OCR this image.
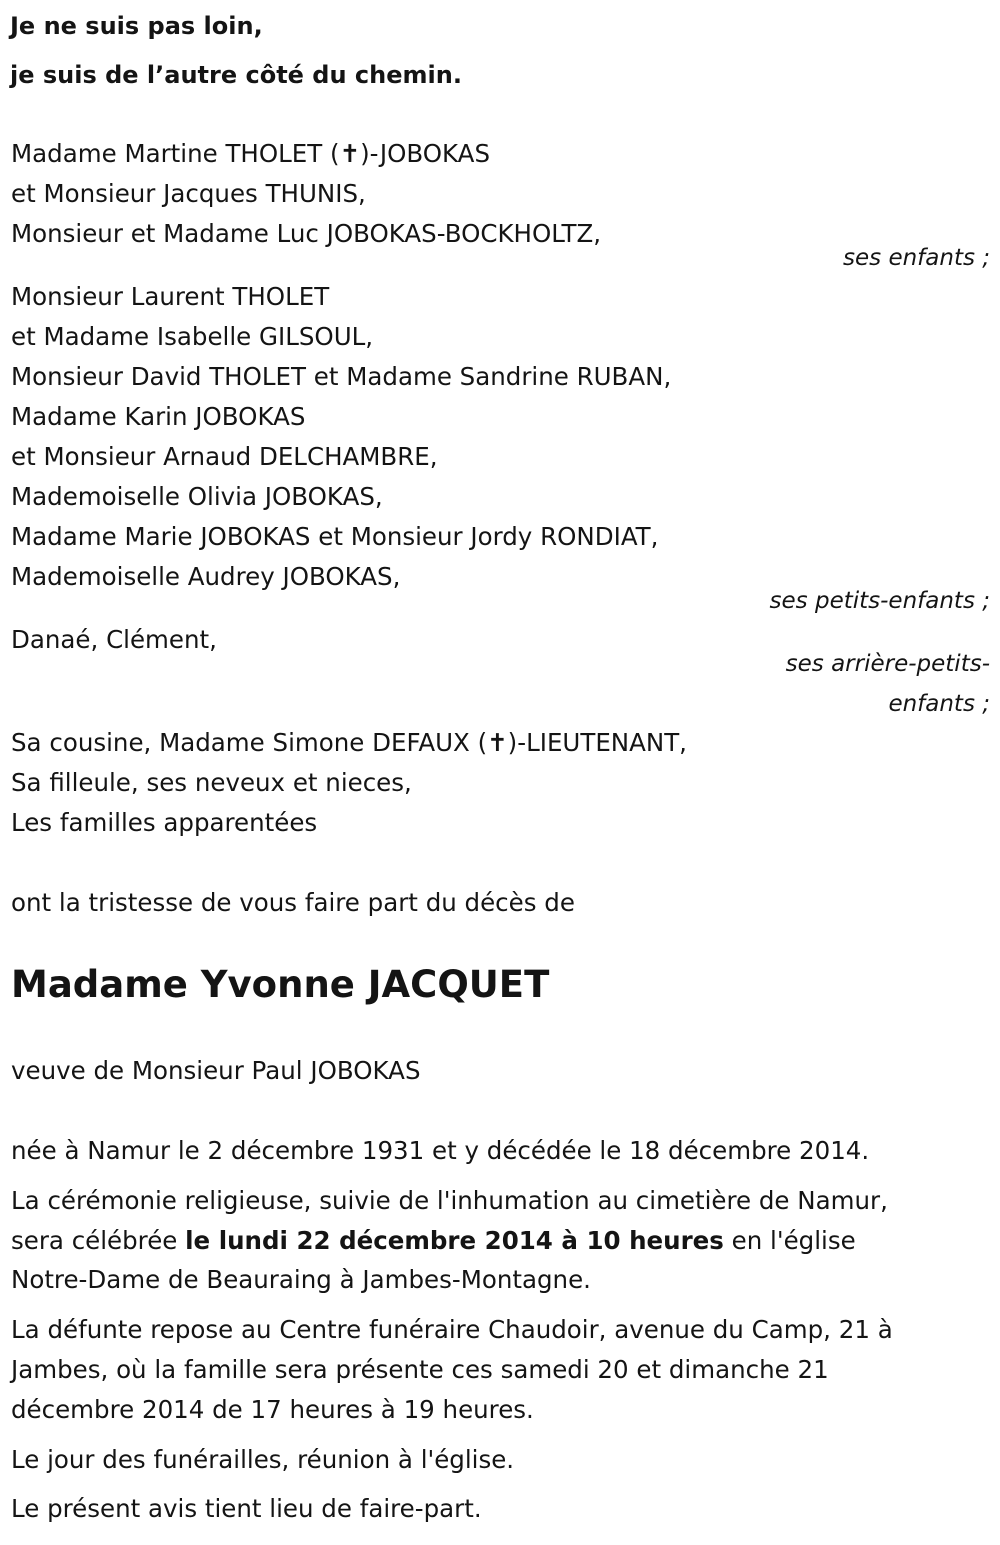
Je ne suis pas loin,
je suis de l’autre côté du chemin.
Madame Martine THOLET (✝)-JOBOKAS
et Monsieur Jacques THUNIS,
Monsieur et Madame Luc JOBOKAS-BOCKHOLTZ,
ses enfants ;
Monsieur Laurent THOLET
et Madame Isabelle GILSOUL,
Monsieur David THOLET et Madame Sandrine RUBAN,
Madame Karin JOBOKAS
et Monsieur Arnaud DELCHAMBRE,
Mademoiselle Olivia JOBOKAS,
Madame Marie JOBOKAS et Monsieur Jordy RONDIAT,
Mademoiselle Audrey JOBOKAS,
ses petits-enfants ;
Danaé, Clément,
ses arrière-petits-
enfants ;
Sa cousine, Madame Simone DEFAUX (✝)-LIEUTENANT,
Sa filleule, ses neveux et nieces,
Les familles apparentées
ont la tristesse de vous faire part du décès de
Madame Yvonne JACQUET
veuve de Monsieur Paul JOBOKAS
née à Namur le 2 décembre 1931 et y décédée le 18 décembre 2014.
La cérémonie religieuse, suivie de l'inhumation au cimetière de Namur,
sera célébrée le lundi 22 décembre 2014 à 10 heures en l'église
Notre-Dame de Beauraing à Jambes-Montagne.
La défunte repose au Centre funéraire Chaudoir, avenue du Camp, 21 à
Jambes, où la famille sera présente ces samedi 20 et dimanche 21
décembre 2014 de 17 heures à 19 heures.
Le jour des funérailles, réunion à l'église.
Le présent avis tient lieu de faire-part.
